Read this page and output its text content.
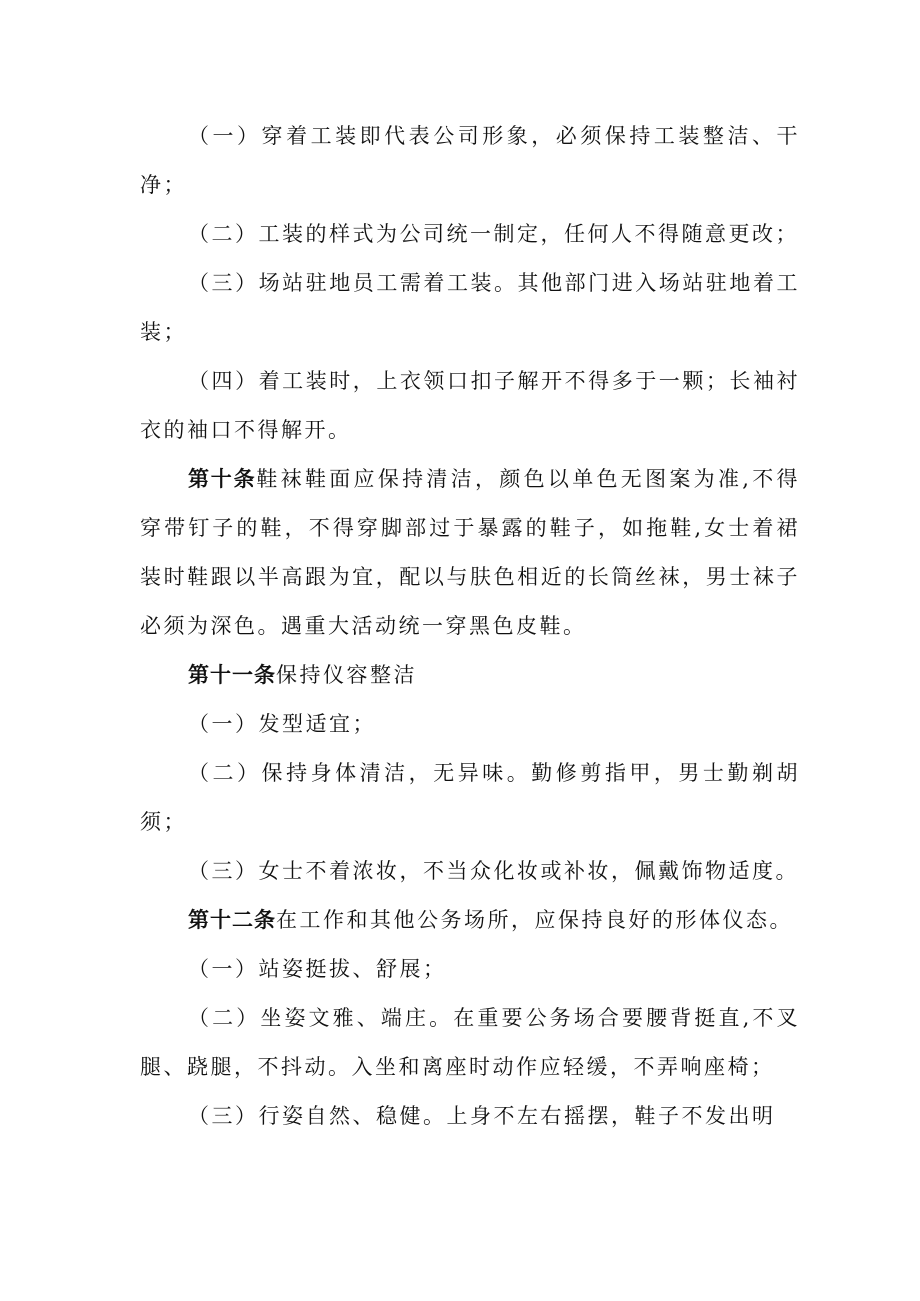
（一）穿着工装即代表公司形象，必须保持工装整洁、干净；

（二）工装的样式为公司统一制定，任何人不得随意更改；

（三）场站驻地员工需着工装。其他部门进入场站驻地着工装；

（四）着工装时，上衣领口扣子解开不得多于一颗；长袖衬衣的袖口不得解开。

第十条鞋袜鞋面应保持清洁，颜色以单色无图案为准,不得穿带钉子的鞋，不得穿脚部过于暴露的鞋子，如拖鞋,女士着裙装时鞋跟以半高跟为宜，配以与肤色相近的长筒丝袜，男士袜子必须为深色。遇重大活动统一穿黑色皮鞋。

第十一条保持仪容整洁

（一）发型适宜；

（二）保持身体清洁，无异味。勤修剪指甲，男士勤剃胡须；

（三）女士不着浓妆，不当众化妆或补妆，佩戴饰物适度。

第十二条在工作和其他公务场所，应保持良好的形体仪态。

（一）站姿挺拔、舒展；

（二）坐姿文雅、端庄。在重要公务场合要腰背挺直,不叉腿、跷腿，不抖动。入坐和离座时动作应轻缓，不弄响座椅；

（三）行姿自然、稳健。上身不左右摇摆，鞋子不发出明
